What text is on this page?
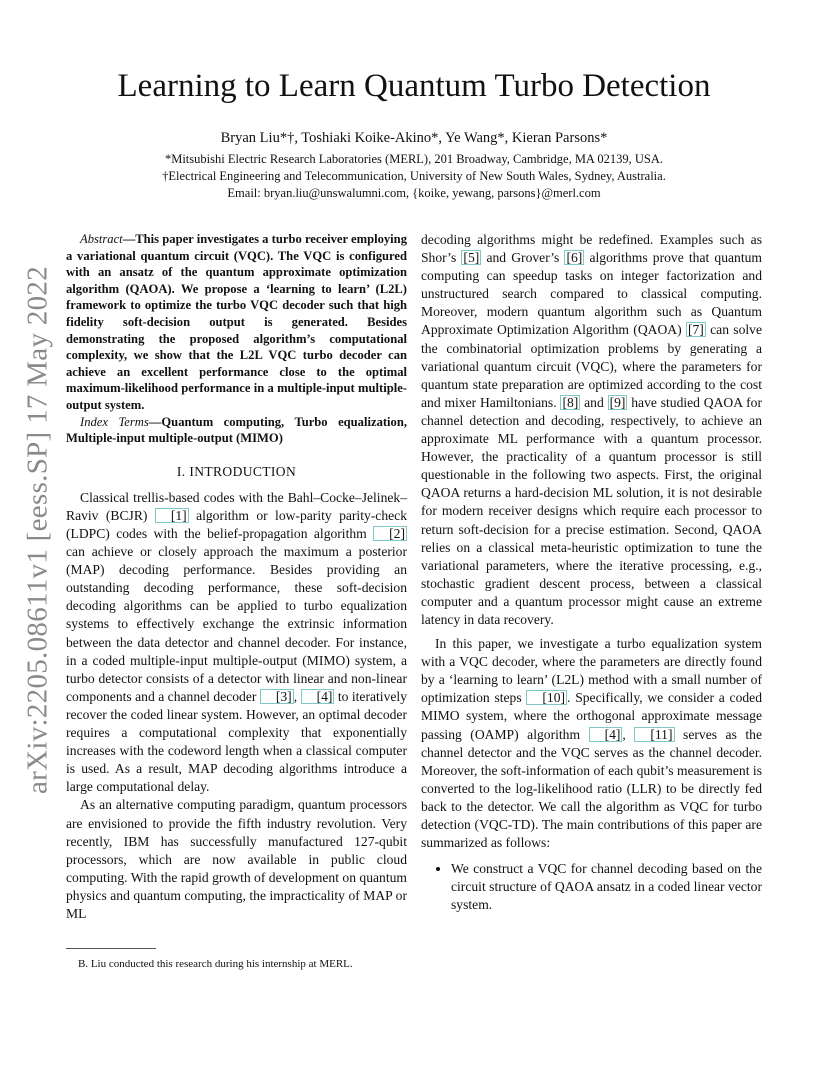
arXiv:2205.08611v1 [eess.SP] 17 May 2022
Learning to Learn Quantum Turbo Detection
Bryan Liu*†, Toshiaki Koike-Akino*, Ye Wang*, Kieran Parsons*
*Mitsubishi Electric Research Laboratories (MERL), 201 Broadway, Cambridge, MA 02139, USA.
†Electrical Engineering and Telecommunication, University of New South Wales, Sydney, Australia.
Email: bryan.liu@unswalumni.com, {koike, yewang, parsons}@merl.com

Abstract—This paper investigates a turbo receiver employing a variational quantum circuit (VQC). The VQC is configured with an ansatz of the quantum approximate optimization algorithm (QAOA). We propose a ‘learning to learn’ (L2L) framework to optimize the turbo VQC decoder such that high fidelity soft-decision output is generated. Besides demonstrating the proposed algorithm’s computational complexity, we show that the L2L VQC turbo decoder can achieve an excellent performance close to the optimal maximum-likelihood performance in a multiple-input multiple-output system.

Index Terms—Quantum computing, Turbo equalization, Multiple-input multiple-output (MIMO)

I. INTRODUCTION

Classical trellis-based codes with the Bahl–Cocke–Jelinek–Raviv (BCJR) [1] algorithm or low-parity parity-check (LDPC) codes with the belief-propagation algorithm [2] can achieve or closely approach the maximum a posterior (MAP) decoding performance. Besides providing an outstanding decoding performance, these soft-decision decoding algorithms can be applied to turbo equalization systems to effectively exchange the extrinsic information between the data detector and channel decoder. For instance, in a coded multiple-input multiple-output (MIMO) system, a turbo detector consists of a detector with linear and non-linear components and a channel decoder [3] , [4] to iteratively recover the coded linear system. However, an optimal decoder requires a computational complexity that exponentially increases with the codeword length when a classical computer is used. As a result, MAP decoding algorithms introduce a large computational delay.

As an alternative computing paradigm, quantum processors are envisioned to provide the fifth industry revolution. Very recently, IBM has successfully manufactured 127-qubit processors, which are now available in public cloud computing. With the rapid growth of development on quantum physics and quantum computing, the impracticality of MAP or ML

decoding algorithms might be redefined. Examples such as Shor’s [5] and Grover’s [6] algorithms prove that quantum computing can speedup tasks on integer factorization and unstructured search compared to classical computing. Moreover, modern quantum algorithm such as Quantum Approximate Optimization Algorithm (QAOA) [7] can solve the combinatorial optimization problems by generating a variational quantum circuit (VQC), where the parameters for quantum state preparation are optimized according to the cost and mixer Hamiltonians. [8] and [9] have studied QAOA for channel detection and decoding, respectively, to achieve an approximate ML performance with a quantum processor. However, the practicality of a quantum processor is still questionable in the following two aspects. First, the original QAOA returns a hard-decision ML solution, it is not desirable for modern receiver designs which require each processor to return soft-decision for a precise estimation. Second, QAOA relies on a classical meta-heuristic optimization to tune the variational parameters, where the iterative processing, e.g., stochastic gradient descent process, between a classical computer and a quantum processor might cause an extreme latency in data recovery.

In this paper, we investigate a turbo equalization system with a VQC decoder, where the parameters are directly found by a ‘learning to learn’ (L2L) method with a small number of optimization steps [10] . Specifically, we consider a coded MIMO system, where the orthogonal approximate message passing (OAMP) algorithm [4] , [11] serves as the channel detector and the VQC serves as the channel decoder. Moreover, the soft-information of each qubit’s measurement is converted to the log-likelihood ratio (LLR) to be directly fed back to the detector. We call the algorithm as VQC for turbo detection (VQC-TD). The main contributions of this paper are summarized as follows:

• We construct a VQC for channel decoding based on the circuit structure of QAOA ansatz in a coded linear vector system.
B. Liu conducted this research during his internship at MERL.
